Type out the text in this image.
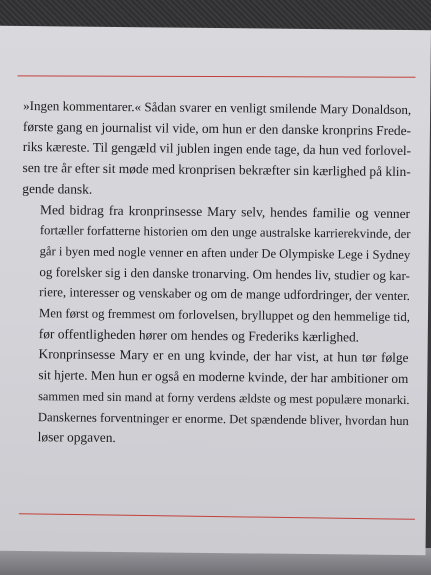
»Ingen kommentarer.« Sådan svarer en venligt smilende Mary Donaldson,
første gang en journalist vil vide, om hun er den danske kronprins Frede-
riks kæreste. Til gengæld vil jublen ingen ende tage, da hun ved forlovel-
sen tre år efter sit møde med kronprisen bekræfter sin kærlighed på klin-
gende dansk.

Med bidrag fra kronprinsesse Mary selv, hendes familie og venner
fortæller forfatterne historien om den unge australske karrierekvinde, der
går i byen med nogle venner en aften under De Olympiske Lege i Sydney
og forelsker sig i den danske tronarving. Om hendes liv, studier og kar-
riere, interesser og venskaber og om de mange udfordringer, der venter.
Men først og fremmest om forlovelsen, brylluppet og den hemmelige tid,
før offentligheden hører om hendes og Frederiks kærlighed.

Kronprinsesse Mary er en ung kvinde, der har vist, at hun tør følge
sit hjerte. Men hun er også en moderne kvinde, der har ambitioner om
sammen med sin mand at forny verdens ældste og mest populære monarki.
Danskernes forventninger er enorme. Det spændende bliver, hvordan hun
løser opgaven.
